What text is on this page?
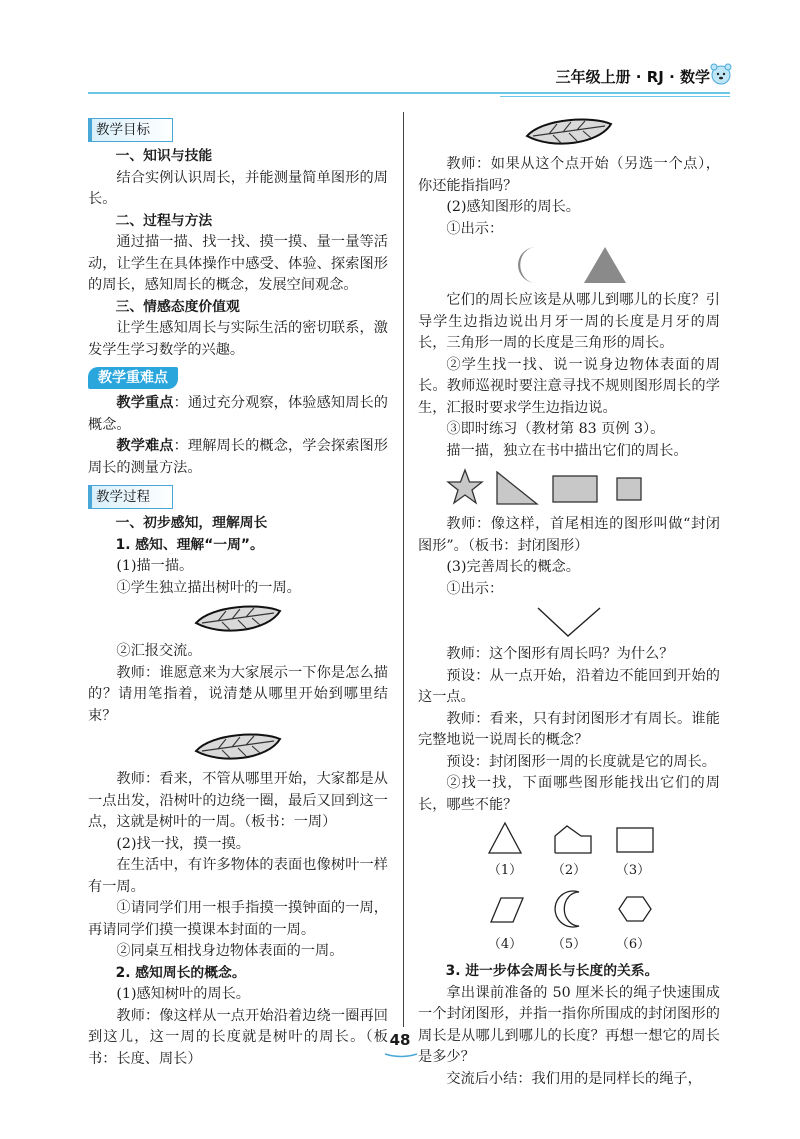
三年级上册 · RJ · 数学
教学目标

一、知识与技能

结合实例认识周长，并能测量简单图形的周长。

二、过程与方法

通过描一描、找一找、摸一摸、量一量等活动，让学生在具体操作中感受、体验、探索图形的周长，感知周长的概念，发展空间观念。

三、情感态度价值观

让学生感知周长与实际生活的密切联系，激发学生学习数学的兴趣。

教学重难点

教学重点：通过充分观察，体验感知周长的概念。

教学难点：理解周长的概念，学会探索图形周长的测量方法。

教学过程

一、初步感知，理解周长

1. 感知、理解“一周”。

(1)描一描。

①学生独立描出树叶的一周。

②汇报交流。

教师：谁愿意来为大家展示一下你是怎么描的？请用笔指着，说清楚从哪里开始到哪里结束？

教师：看来，不管从哪里开始，大家都是从一点出发，沿树叶的边绕一圈，最后又回到这一点，这就是树叶的一周。（板书：一周）

(2)找一找，摸一摸。

在生活中，有许多物体的表面也像树叶一样有一周。

①请同学们用一根手指摸一摸钟面的一周，再请同学们摸一摸课本封面的一周。

②同桌互相找身边物体表面的一周。

2. 感知周长的概念。

(1)感知树叶的周长。

教师：像这样从一点开始沿着边绕一圈再回到这儿，这一周的长度就是树叶的周长。（板书：长度、周长）

教师：如果从这个点开始（另选一个点），你还能指指吗？

(2)感知图形的周长。

①出示：

它们的周长应该是从哪儿到哪儿的长度？引导学生边指边说出月牙一周的长度是月牙的周长，三角形一周的长度是三角形的周长。

②学生找一找、说一说身边物体表面的周长。教师巡视时要注意寻找不规则图形周长的学生，汇报时要求学生边指边说。

③即时练习（教材第 83 页例 3）。

描一描，独立在书中描出它们的周长。

教师：像这样，首尾相连的图形叫做“封闭图形”。（板书：封闭图形）

(3)完善周长的概念。

①出示：

教师：这个图形有周长吗？为什么？

预设：从一点开始，沿着边不能回到开始的这一点。

教师：看来，只有封闭图形才有周长。谁能完整地说一说周长的概念？

预设：封闭图形一周的长度就是它的周长。

②找一找，下面哪些图形能找出它们的周长，哪些不能？

（1）	（2）	（3）
（4）	（5）	（6）

3. 进一步体会周长与长度的关系。

拿出课前准备的 50 厘米长的绳子快速围成一个封闭图形，并指一指你所围成的封闭图形的周长是从哪儿到哪儿的长度？再想一想它的周长是多少？

交流后小结：我们用的是同样长的绳子，

48
